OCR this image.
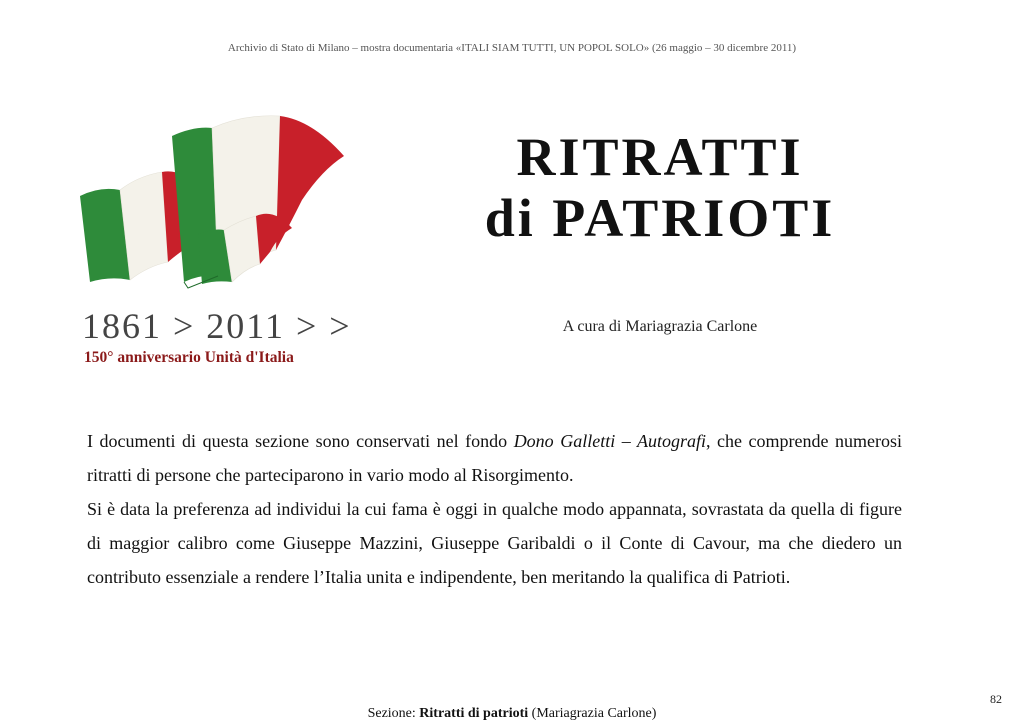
Archivio di Stato di Milano – mostra documentaria «ITALI SIAM TUTTI, UN POPOL SOLO» (26 maggio – 30 dicembre 2011)
1861 > 2011 > >
150° anniversario Unità d'Italia
RITRATTI
di PATRIOTI
A cura di Mariagrazia Carlone

I documenti di questa sezione sono conservati nel fondo Dono Galletti – Autografi, che comprende numerosi ritratti di persone che parteciparono in vario modo al Risorgimento.

Si è data la preferenza ad individui la cui fama è oggi in qualche modo appannata, sovrastata da quella di figure di maggior calibro come Giuseppe Mazzini, Giuseppe Garibaldi o il Conte di Cavour, ma che diedero un contributo essenziale a rendere l’Italia unita e indipendente, ben meritando la qualifica di Patrioti.

82
Sezione: Ritratti di patrioti (Mariagrazia Carlone)
